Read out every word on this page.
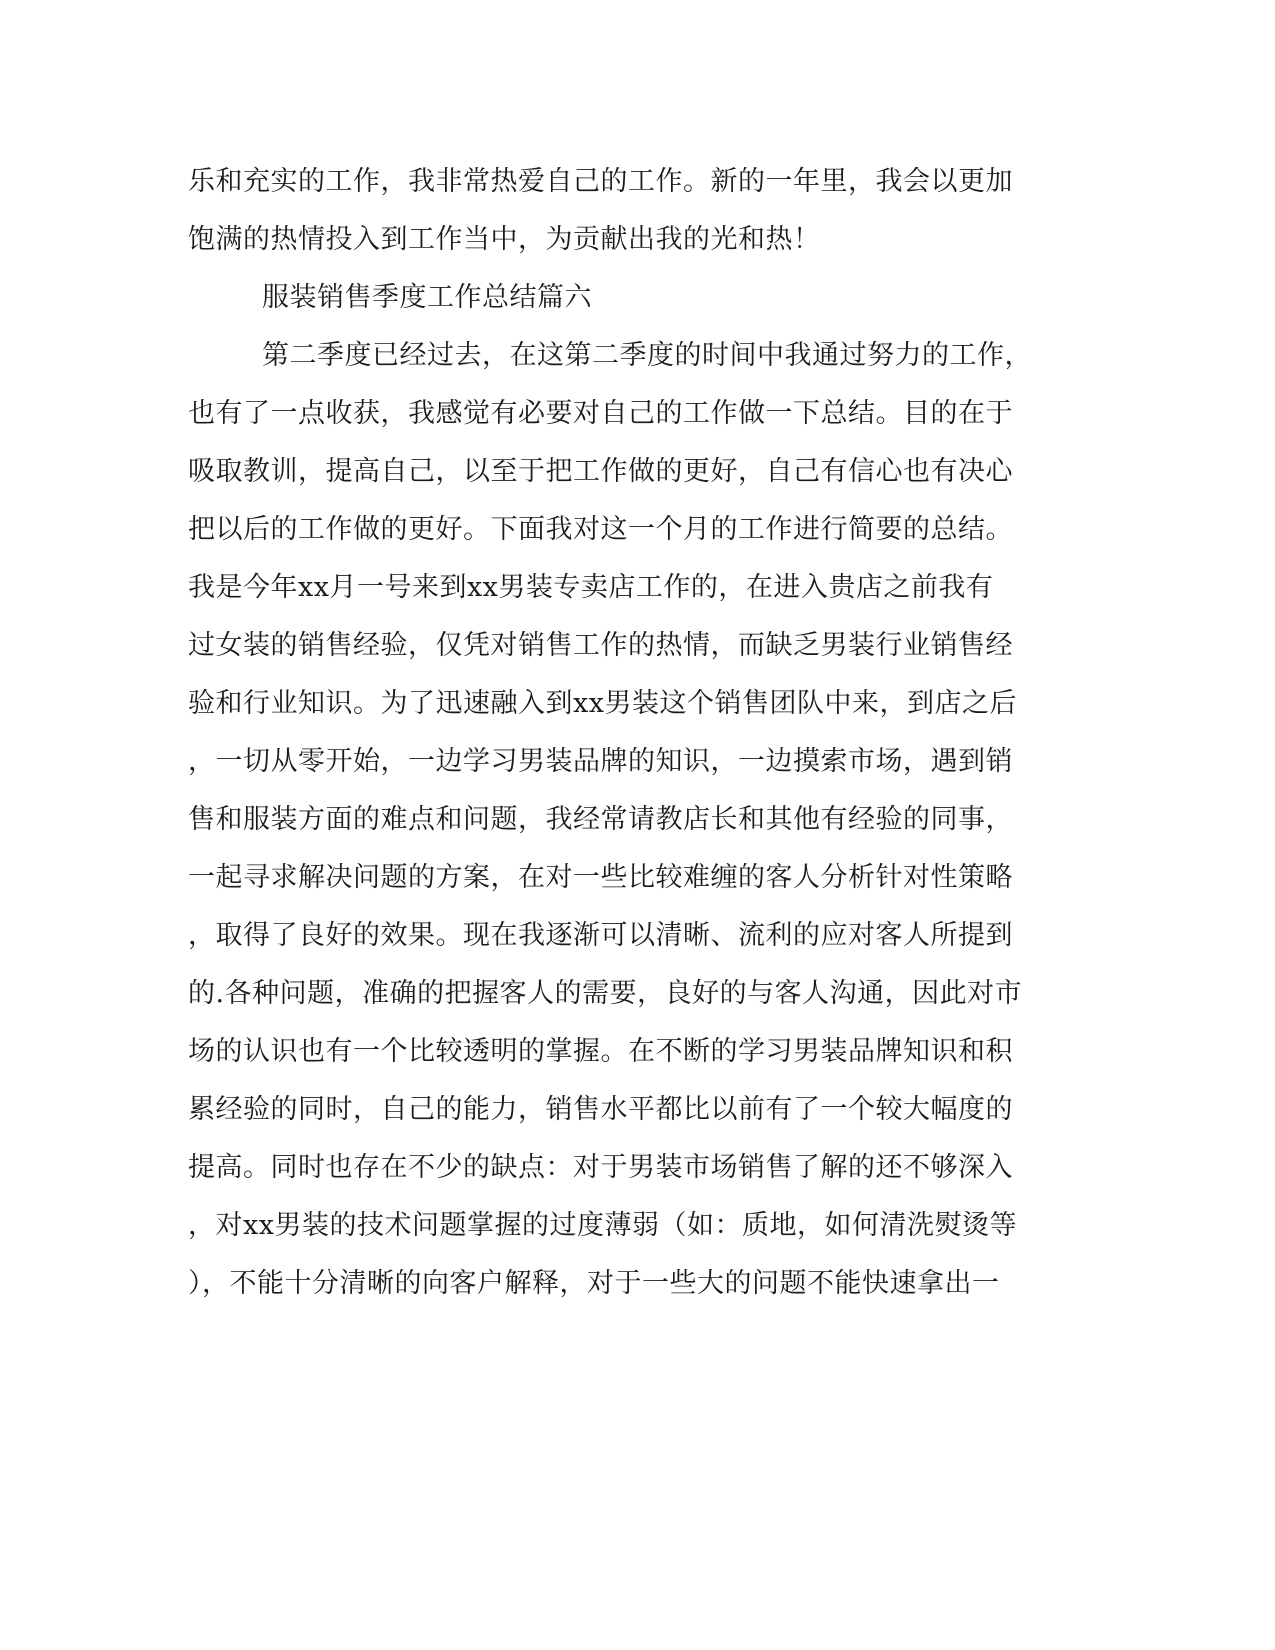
乐和充实的工作，我非常热爱自己的工作。新的一年里，我会以更加
饱满的热情投入到工作当中，为贡献出我的光和热！
服装销售季度工作总结篇六
第二季度已经过去，在这第二季度的时间中我通过努力的工作，
也有了一点收获，我感觉有必要对自己的工作做一下总结。目的在于
吸取教训，提高自己，以至于把工作做的更好，自己有信心也有决心
把以后的工作做的更好。下面我对这一个月的工作进行简要的总结。
我是今年xx月一号来到xx男装专卖店工作的，在进入贵店之前我有
过女装的销售经验，仅凭对销售工作的热情，而缺乏男装行业销售经
验和行业知识。为了迅速融入到xx男装这个销售团队中来，到店之后
，一切从零开始，一边学习男装品牌的知识，一边摸索市场，遇到销
售和服装方面的难点和问题，我经常请教店长和其他有经验的同事，
一起寻求解决问题的方案，在对一些比较难缠的客人分析针对性策略
，取得了良好的效果。现在我逐渐可以清晰、流利的应对客人所提到
的.各种问题，准确的把握客人的需要，良好的与客人沟通，因此对市
场的认识也有一个比较透明的掌握。在不断的学习男装品牌知识和积
累经验的同时，自己的能力，销售水平都比以前有了一个较大幅度的
提高。同时也存在不少的缺点：对于男装市场销售了解的还不够深入
，对xx男装的技术问题掌握的过度薄弱（如：质地，如何清洗熨烫等
），不能十分清晰的向客户解释，对于一些大的问题不能快速拿出一
